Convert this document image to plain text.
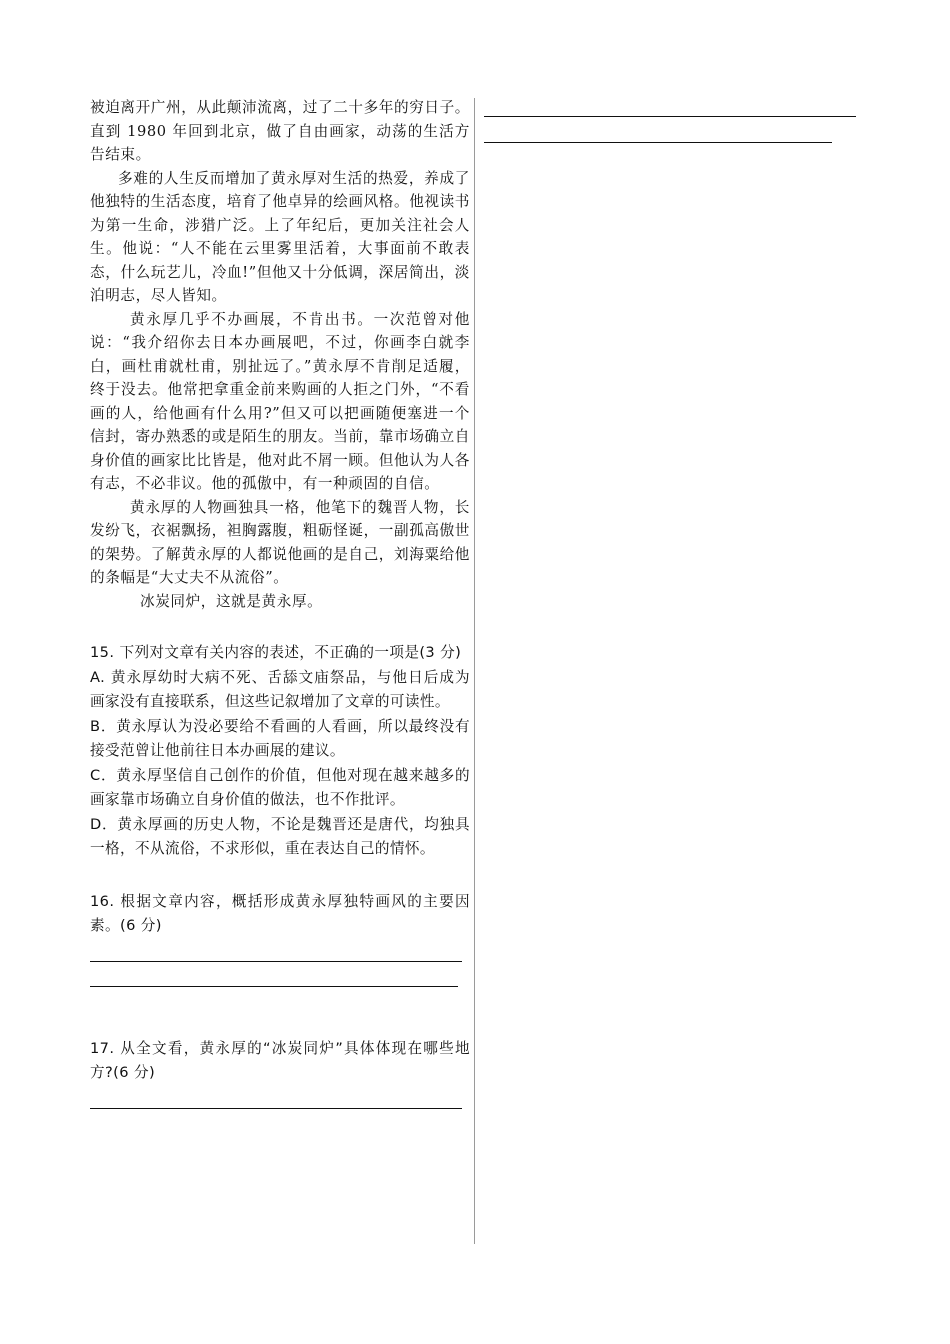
被迫离开广州，从此颠沛流离，过了二十多年的穷日子。直到 1980 年回到北京，做了自由画家，动荡的生活方告结束。

多难的人生反而增加了黄永厚对生活的热爱，养成了他独特的生活态度，培育了他卓异的绘画风格。他视读书为第一生命，涉猎广泛。上了年纪后，更加关注社会人生。他说：“人不能在云里雾里活着，大事面前不敢表态，什么玩艺儿，冷血!”但他又十分低调，深居简出，淡泊明志，尽人皆知。

黄永厚几乎不办画展，不肯出书。一次范曾对他说：“我介绍你去日本办画展吧，不过，你画李白就李白，画杜甫就杜甫，别扯远了。”黄永厚不肯削足适履，终于没去。他常把拿重金前来购画的人拒之门外，“不看画的人，给他画有什么用?”但又可以把画随便塞进一个信封，寄办熟悉的或是陌生的朋友。当前，靠市场确立自身价值的画家比比皆是，他对此不屑一顾。但他认为人各有志，不必非议。他的孤傲中，有一种顽固的自信。

黄永厚的人物画独具一格，他笔下的魏晋人物，长发纷飞，衣裾飘扬，袒胸露腹，粗砺怪诞，一副孤高傲世的架势。了解黄永厚的人都说他画的是自己，刘海粟给他的条幅是“大丈夫不从流俗”。

冰炭同炉，这就是黄永厚。

15. 下列对文章有关内容的表述，不正确的一项是(3 分)

A. 黄永厚幼时大病不死、舌舔文庙祭品，与他日后成为画家没有直接联系，但这些记叙增加了文章的可读性。

B．黄永厚认为没必要给不看画的人看画，所以最终没有接受范曾让他前往日本办画展的建议。

C．黄永厚坚信自己创作的价值，但他对现在越来越多的画家靠市场确立自身价值的做法，也不作批评。

D．黄永厚画的历史人物，不论是魏晋还是唐代，均独具一格，不从流俗，不求形似，重在表达自己的情怀。

16. 根据文章内容，概括形成黄永厚独特画风的主要因素。(6 分)

17. 从全文看，黄永厚的“冰炭同炉”具体体现在哪些地方?(6 分)
